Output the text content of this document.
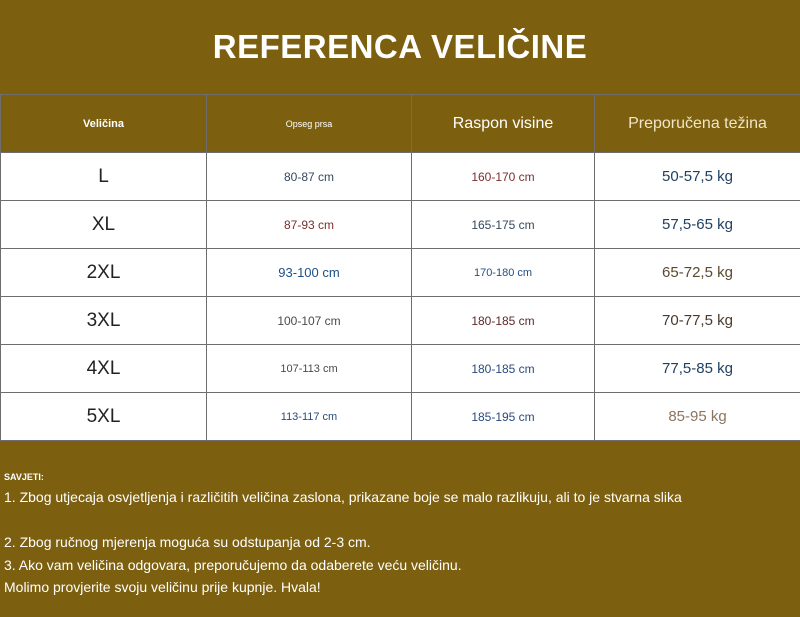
REFERENCA VELIČINE
Veličina	Opseg prsa	Raspon visine	Preporučena težina
L	80-87 cm	160-170 cm	50-57,5 kg
XL	87-93 cm	165-175 cm	57,5-65 kg
2XL	93-100 cm	170-180 cm	65-72,5 kg
3XL	100-107 cm	180-185 cm	70-77,5 kg
4XL	107-113 cm	180-185 cm	77,5-85 kg
5XL	113-117 cm	185-195 cm	85-95 kg
SAVJETI:
1. Zbog utjecaja osvjetljenja i različitih veličina zaslona, prikazane boje se malo razlikuju, ali to je stvarna slika
2. Zbog ručnog mjerenja moguća su odstupanja od 2-3 cm.
3. Ako vam veličina odgovara, preporučujemo da odaberete veću veličinu.
Molimo provjerite svoju veličinu prije kupnje. Hvala!
